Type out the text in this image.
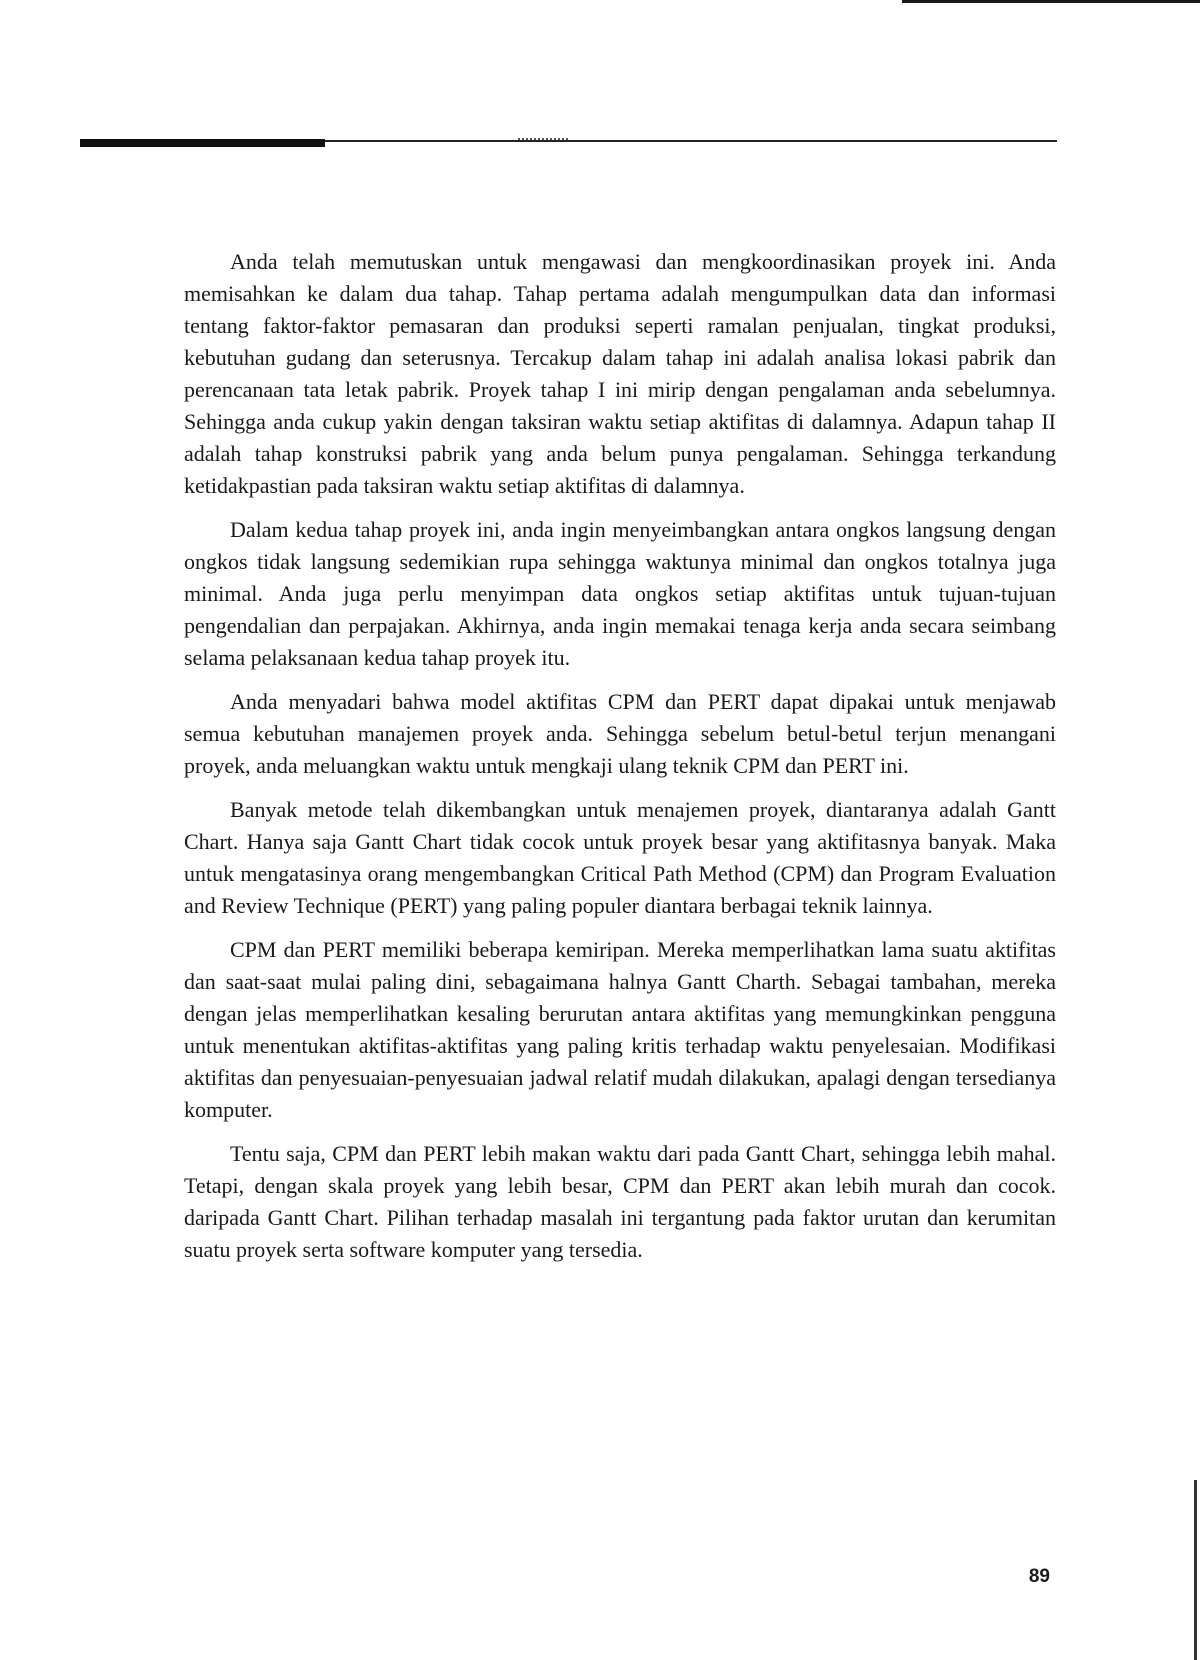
Anda telah memutuskan untuk mengawasi dan mengkoordinasikan proyek ini. Anda memisahkan ke dalam dua tahap. Tahap pertama adalah mengumpulkan data dan informasi tentang faktor-faktor pemasaran dan produksi seperti ramalan penjualan, tingkat produksi, kebutuhan gudang dan seterusnya. Tercakup dalam tahap ini adalah analisa lokasi pabrik dan perencanaan tata letak pabrik. Proyek tahap I ini mirip dengan pengalaman anda sebelumnya. Sehingga anda cukup yakin dengan taksiran waktu setiap aktifitas di dalamnya. Adapun tahap II adalah tahap konstruksi pabrik yang anda belum punya pengalaman. Sehingga terkandung ketidakpastian pada taksiran waktu setiap aktifitas di dalamnya.

Dalam kedua tahap proyek ini, anda ingin menyeimbangkan antara ongkos langsung dengan ongkos tidak langsung sedemikian rupa sehingga waktunya minimal dan ongkos totalnya juga minimal. Anda juga perlu menyimpan data ongkos setiap aktifitas untuk tujuan-tujuan pengendalian dan perpajakan. Akhirnya, anda ingin memakai tenaga kerja anda secara seimbang selama pelaksanaan kedua tahap proyek itu.

Anda menyadari bahwa model aktifitas CPM dan PERT dapat dipakai untuk menjawab semua kebutuhan manajemen proyek anda. Sehingga sebelum betul-betul terjun menangani proyek, anda meluangkan waktu untuk mengkaji ulang teknik CPM dan PERT ini.

Banyak metode telah dikembangkan untuk menajemen proyek, diantaranya adalah Gantt Chart. Hanya saja Gantt Chart tidak cocok untuk proyek besar yang aktifitasnya banyak. Maka untuk mengatasinya orang mengembangkan Critical Path Method (CPM) dan Program Evaluation and Review Technique (PERT) yang paling populer diantara berbagai teknik lainnya.

CPM dan PERT memiliki beberapa kemiripan. Mereka memperlihatkan lama suatu aktifitas dan saat-saat mulai paling dini, sebagaimana halnya Gantt Charth. Sebagai tambahan, mereka dengan jelas memperlihatkan kesaling berurutan antara aktifitas yang memungkinkan pengguna untuk menentukan aktifitas-aktifitas yang paling kritis terhadap waktu penyelesaian. Modifikasi aktifitas dan penyesuaian-penyesuaian jadwal relatif mudah dilakukan, apalagi dengan tersedianya komputer.

Tentu saja, CPM dan PERT lebih makan waktu dari pada Gantt Chart, sehingga lebih mahal. Tetapi, dengan skala proyek yang lebih besar, CPM dan PERT akan lebih murah dan cocok. daripada Gantt Chart. Pilihan terhadap masalah ini tergantung pada faktor urutan dan kerumitan suatu proyek serta software komputer yang tersedia.

89
